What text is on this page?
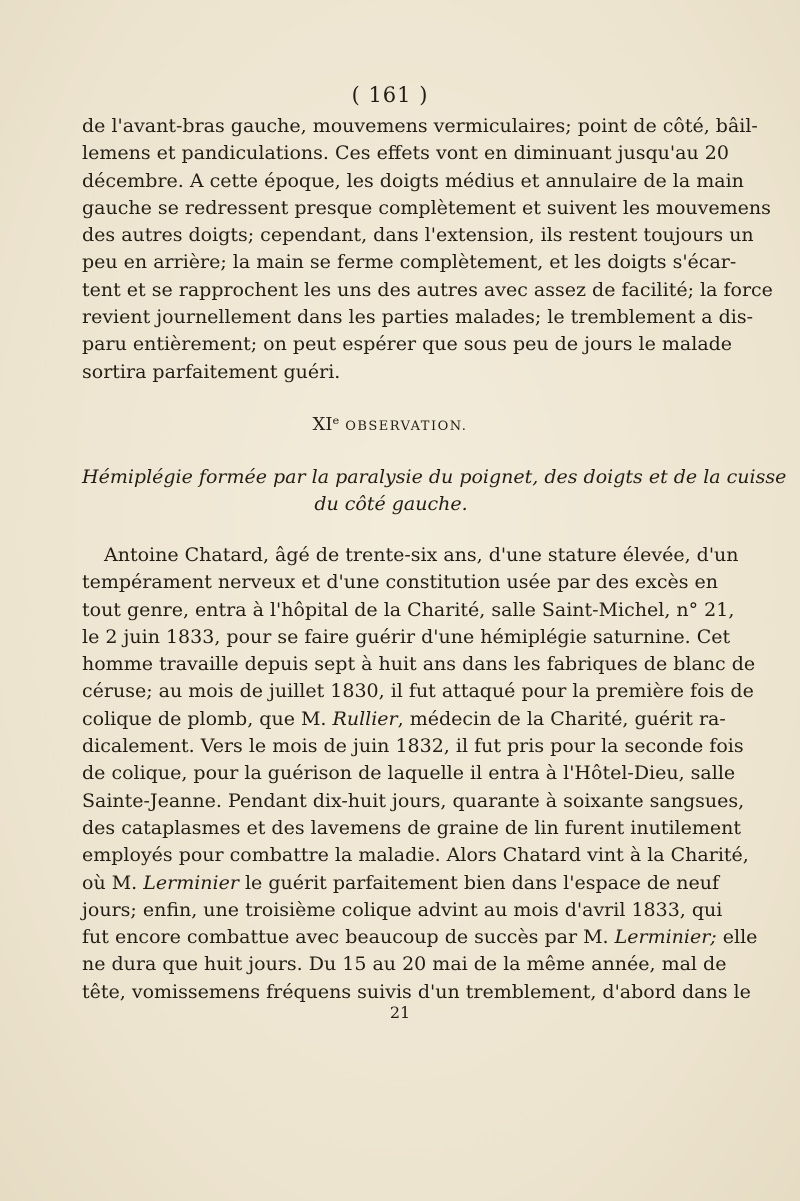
( 161 )

de l'avant-bras gauche, mouvemens vermiculaires; point de côté, bâil-
lemens et pandiculations. Ces effets vont en diminuant jusqu'au 20
décembre. A cette époque, les doigts médius et annulaire de la main
gauche se redressent presque complètement et suivent les mouvemens
des autres doigts; cependant, dans l'extension, ils restent toujours un
peu en arrière; la main se ferme complètement, et les doigts s'écar-
tent et se rapprochent les uns des autres avec assez de facilité; la force
revient journellement dans les parties malades; le tremblement a dis-
paru entièrement; on peut espérer que sous peu de jours le malade
sortira parfaitement guéri.

XIᵉ OBSERVATION.
Hémiplégie formée par la paralysie du poignet, des doigts et de la cuisse
du côté gauche.

Antoine Chatard, âgé de trente-six ans, d'une stature élevée, d'un
tempérament nerveux et d'une constitution usée par des excès en
tout genre, entra à l'hôpital de la Charité, salle Saint-Michel, n° 21,
le 2 juin 1833, pour se faire guérir d'une hémiplégie saturnine. Cet
homme travaille depuis sept à huit ans dans les fabriques de blanc de
céruse; au mois de juillet 1830, il fut attaqué pour la première fois de
colique de plomb, que M. Rullier, médecin de la Charité, guérit ra-
dicalement. Vers le mois de juin 1832, il fut pris pour la seconde fois
de colique, pour la guérison de laquelle il entra à l'Hôtel-Dieu, salle
Sainte-Jeanne. Pendant dix-huit jours, quarante à soixante sangsues,
des cataplasmes et des lavemens de graine de lin furent inutilement
employés pour combattre la maladie. Alors Chatard vint à la Charité,
où M. Lerminier le guérit parfaitement bien dans l'espace de neuf
jours; enfin, une troisième colique advint au mois d'avril 1833, qui
fut encore combattue avec beaucoup de succès par M. Lerminier; elle
ne dura que huit jours. Du 15 au 20 mai de la même année, mal de
tête, vomissemens fréquens suivis d'un tremblement, d'abord dans le

21
